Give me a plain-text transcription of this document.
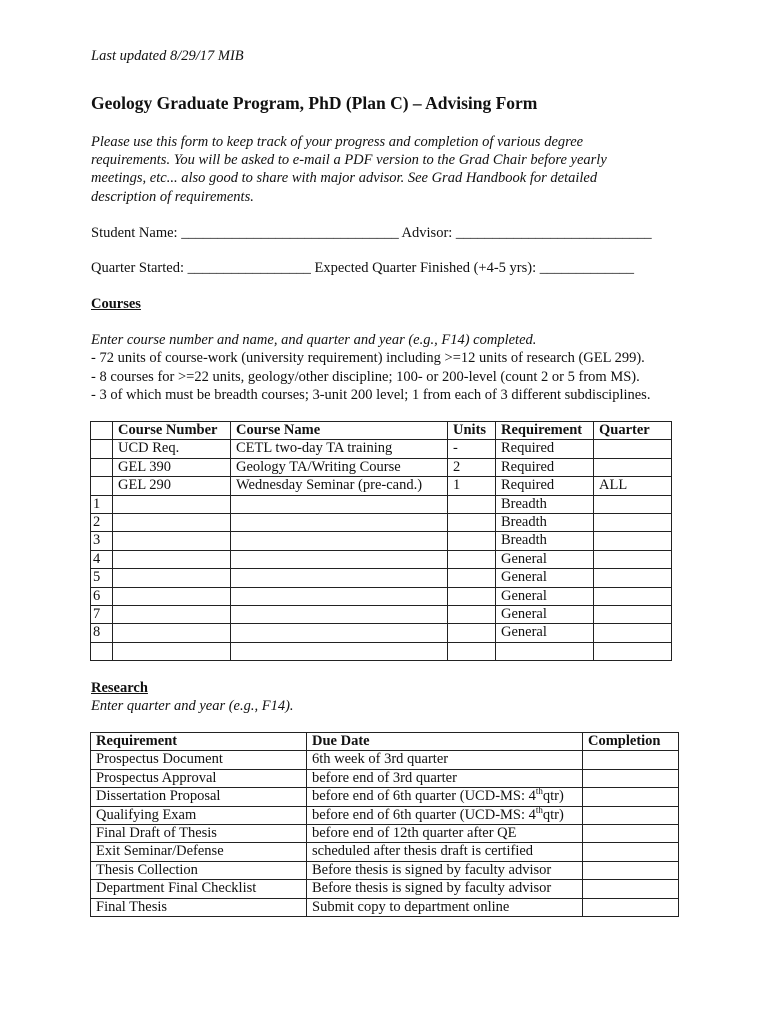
Last updated 8/29/17 MIB
Geology Graduate Program, PhD (Plan C) – Advising Form
Please use this form to keep track of your progress and completion of various degree
requirements. You will be asked to e-mail a PDF version to the Grad Chair before yearly
meetings, etc... also good to share with major advisor. See Grad Handbook for detailed
description of requirements.
Student Name: ______________________________ Advisor: ___________________________
Quarter Started: _________________ Expected Quarter Finished (+4-5 yrs): _____________
Courses
Enter course number and name, and quarter and year (e.g., F14) completed.
- 72 units of course-work (university requirement) including >=12 units of research (GEL 299).
- 8 courses for >=22 units, geology/other discipline; 100- or 200-level (count 2 or 5 from MS).
- 3 of which must be breadth courses; 3-unit 200 level; 1 from each of 3 different subdisciplines.
	Course Number	Course Name	Units	Requirement	Quarter
	UCD Req.	CETL two-day TA training	-	Required	
	GEL 390	Geology TA/Writing Course	2	Required	
	GEL 290	Wednesday Seminar (pre-cand.)	1	Required	ALL
1				Breadth	
2				Breadth	
3				Breadth	
4				General	
5				General	
6				General	
7				General	
8				General	

Research
Enter quarter and year (e.g., F14).
Requirement	Due Date	Completion
Prospectus Document	6th week of 3rd quarter	
Prospectus Approval	before end of 3rd quarter	
Dissertation Proposal	before end of 6th quarter (UCD-MS: 4thqtr)	
Qualifying Exam	before end of 6th quarter (UCD-MS: 4thqtr)	
Final Draft of Thesis	before end of 12th quarter after QE	
Exit Seminar/Defense	scheduled after thesis draft is certified	
Thesis Collection	Before thesis is signed by faculty advisor	
Department Final Checklist	Before thesis is signed by faculty advisor	
Final Thesis	Submit copy to department online	
